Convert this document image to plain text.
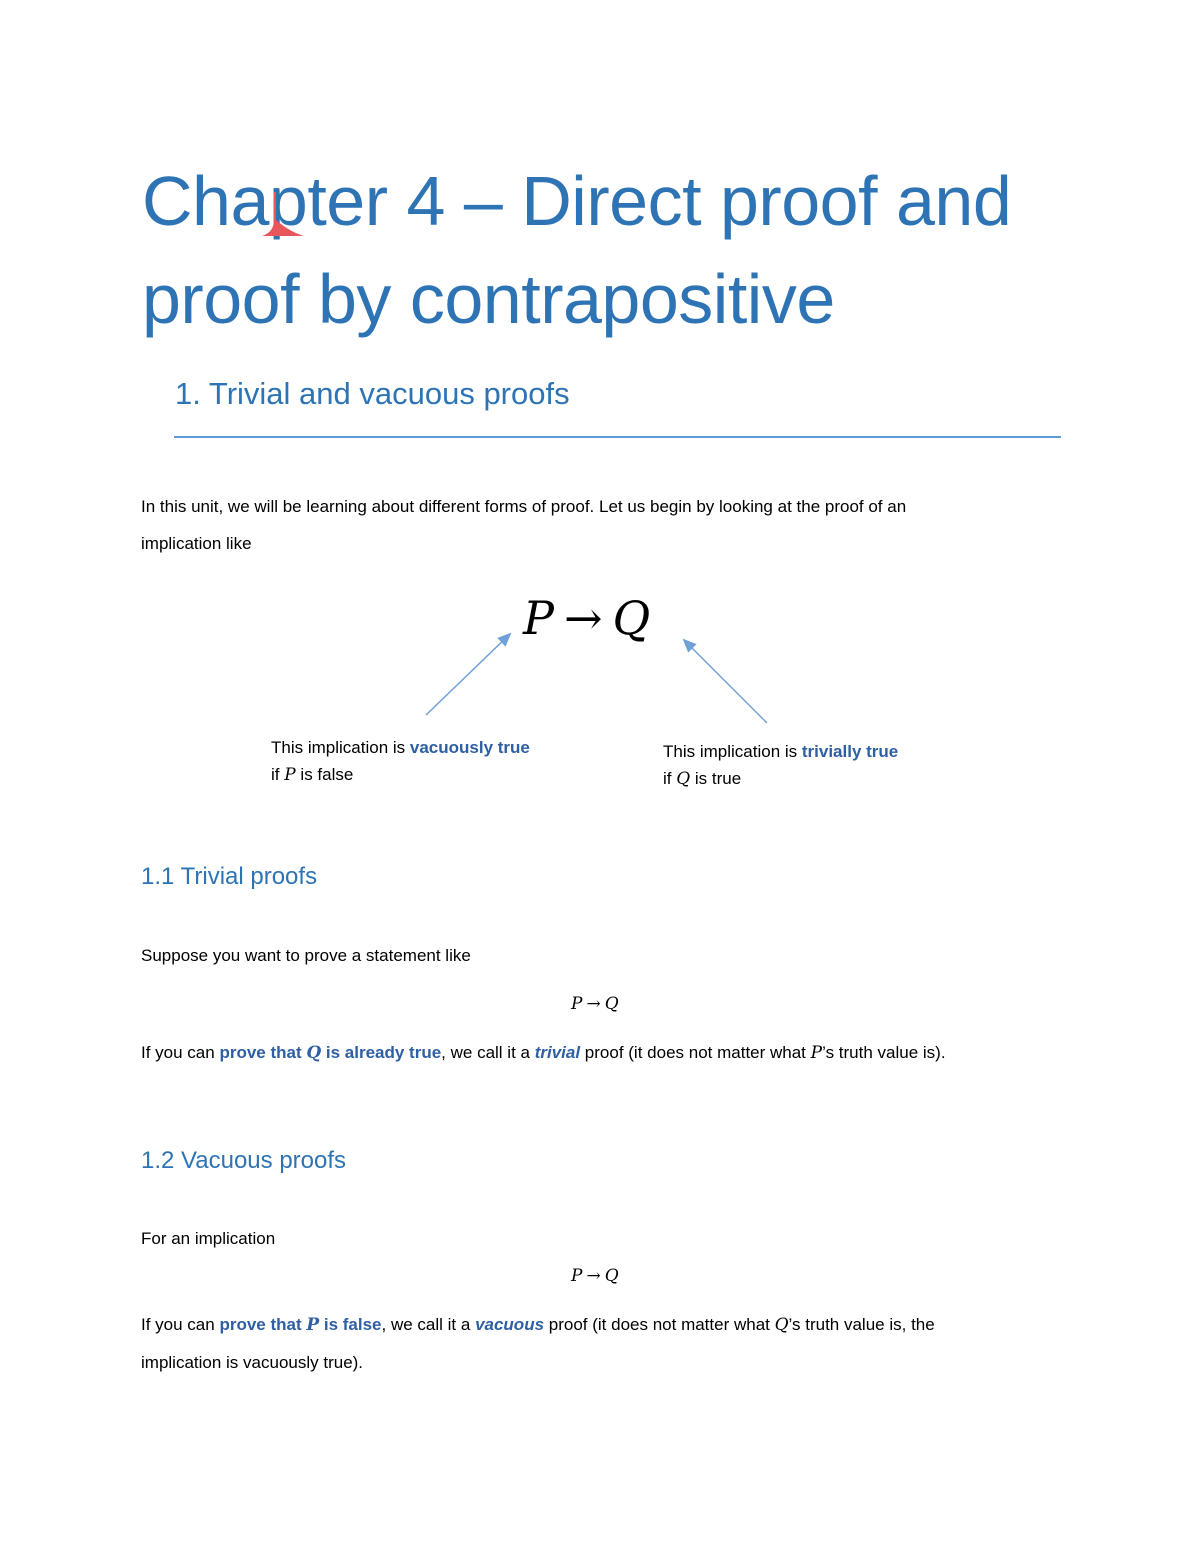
Chapter 4 – Direct proof and
proof by contrapositive
1. Trivial and vacuous proofs
In this unit, we will be learning about different forms of proof. Let us begin by looking at the proof of an
implication like
P → Q
This implication is vacuously true
if P is false
This implication is trivially true
if Q is true
1.1 Trivial proofs
Suppose you want to prove a statement like
P → Q
If you can prove that Q is already true, we call it a trivial proof (it does not matter what P’s truth value is).
1.2 Vacuous proofs
For an implication
P → Q
If you can prove that P is false, we call it a vacuous proof (it does not matter what Q’s truth value is, the
implication is vacuously true).
